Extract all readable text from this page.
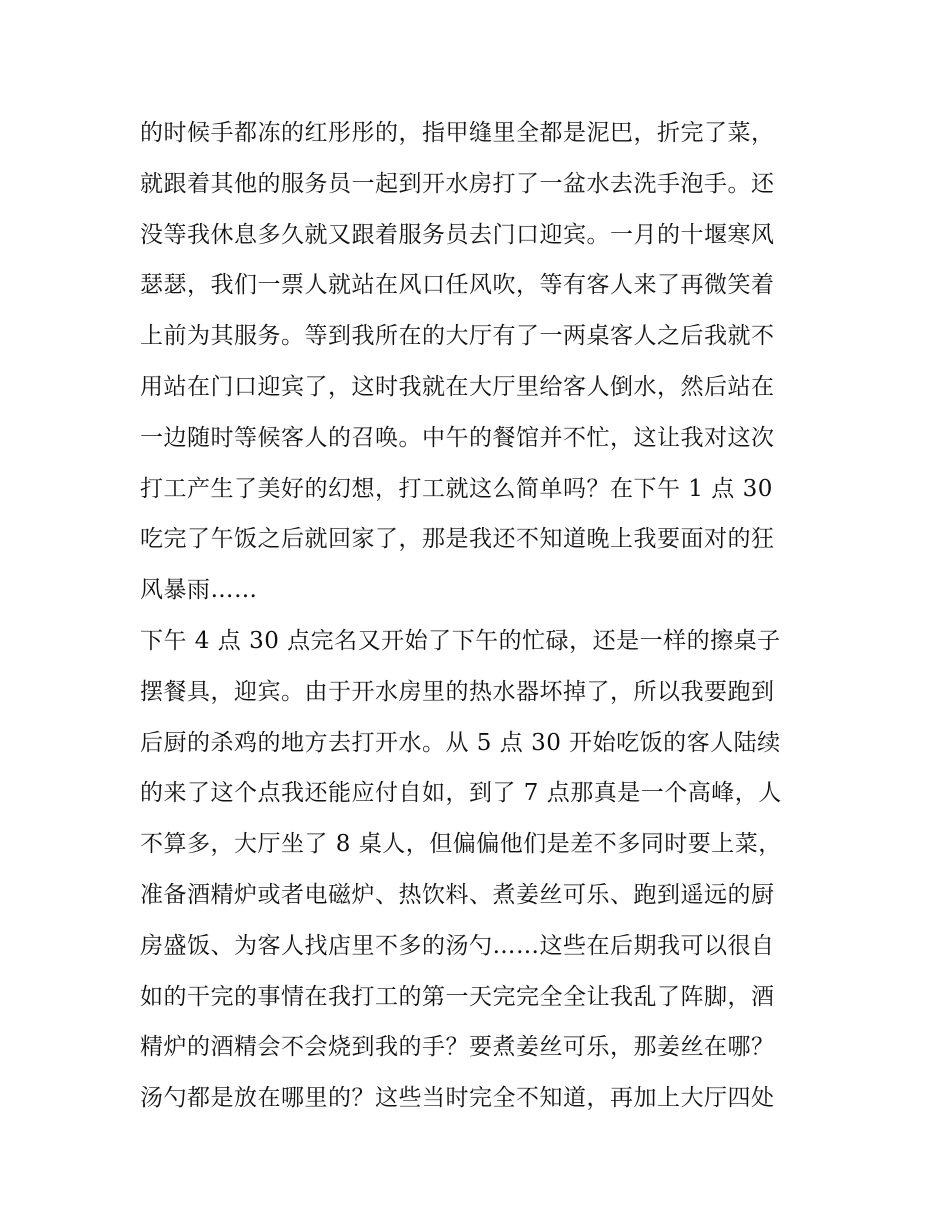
的时候手都冻的红彤彤的，指甲缝里全都是泥巴，折完了菜，
就跟着其他的服务员一起到开水房打了一盆水去洗手泡手。还
没等我休息多久就又跟着服务员去门口迎宾。一月的十堰寒风
瑟瑟，我们一票人就站在风口任风吹，等有客人来了再微笑着
上前为其服务。等到我所在的大厅有了一两桌客人之后我就不
用站在门口迎宾了，这时我就在大厅里给客人倒水，然后站在
一边随时等候客人的召唤。中午的餐馆并不忙，这让我对这次
打工产生了美好的幻想，打工就这么简单吗？在下午 1 点 30
吃完了午饭之后就回家了，那是我还不知道晚上我要面对的狂
风暴雨……
下午 4 点 30 点完名又开始了下午的忙碌，还是一样的擦桌子
摆餐具，迎宾。由于开水房里的热水器坏掉了，所以我要跑到
后厨的杀鸡的地方去打开水。从 5 点 30 开始吃饭的客人陆续
的来了这个点我还能应付自如，到了 7 点那真是一个高峰，人
不算多，大厅坐了 8 桌人，但偏偏他们是差不多同时要上菜，
准备酒精炉或者电磁炉、热饮料、煮姜丝可乐、跑到遥远的厨
房盛饭、为客人找店里不多的汤勺……这些在后期我可以很自
如的干完的事情在我打工的第一天完完全全让我乱了阵脚，酒
精炉的酒精会不会烧到我的手？要煮姜丝可乐，那姜丝在哪？
汤勺都是放在哪里的？这些当时完全不知道，再加上大厅四处
